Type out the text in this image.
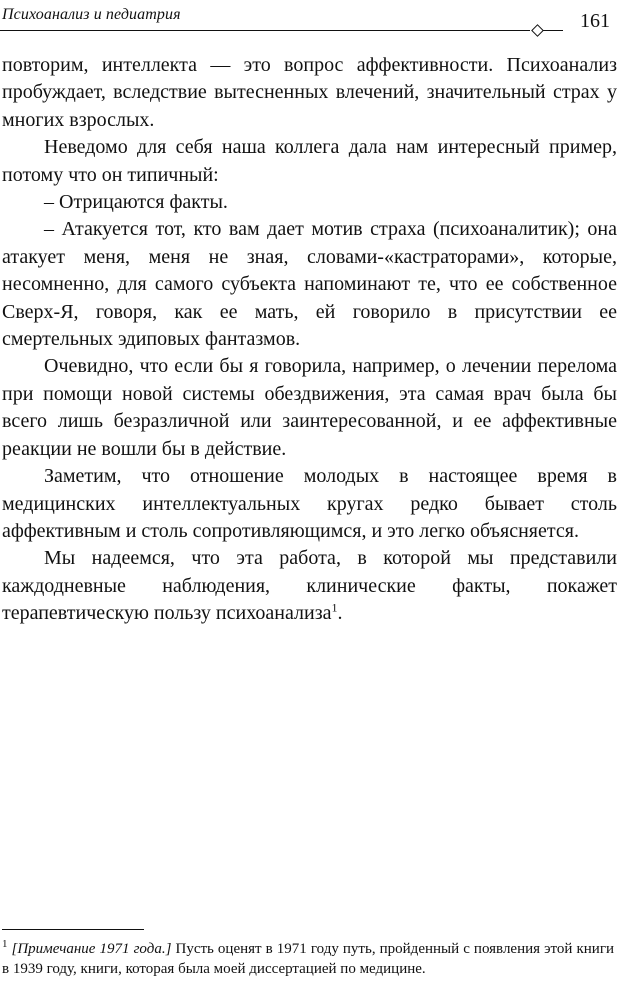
Психоанализ и педиатрия	161

повторим, интеллекта — это вопрос аффективности. Психоанализ пробуждает, вследствие вытесненных влечений, значительный страх у многих взрослых.

Неведомо для себя наша коллега дала нам интересный пример, потому что он типичный:

– Отрицаются факты.

– Атакуется тот, кто вам дает мотив страха (психоаналитик); она атакует меня, меня не зная, словами-«кастраторами», которые, несомненно, для самого субъекта напоминают те, что ее собственное Сверх-Я, говоря, как ее мать, ей говорило в присутствии ее смертельных эдиповых фантазмов.

Очевидно, что если бы я говорила, например, о лечении перелома при помощи новой системы обездвижения, эта самая врач была бы всего лишь безразличной или заинтересованной, и ее аффективные реакции не вошли бы в действие.

Заметим, что отношение молодых в настоящее время в медицинских интеллектуальных кругах редко бывает столь аффективным и столь сопротивляющимся, и это легко объясняется.

Мы надеемся, что эта работа, в которой мы представили каждодневные наблюдения, клинические факты, покажет терапевтическую пользу психоанализа$^1$.

$^1$ [Примечание 1971 года.] Пусть оценят в 1971 году путь, пройденный с появления этой книги в 1939 году, книги, которая была моей диссертацией по медицине.
